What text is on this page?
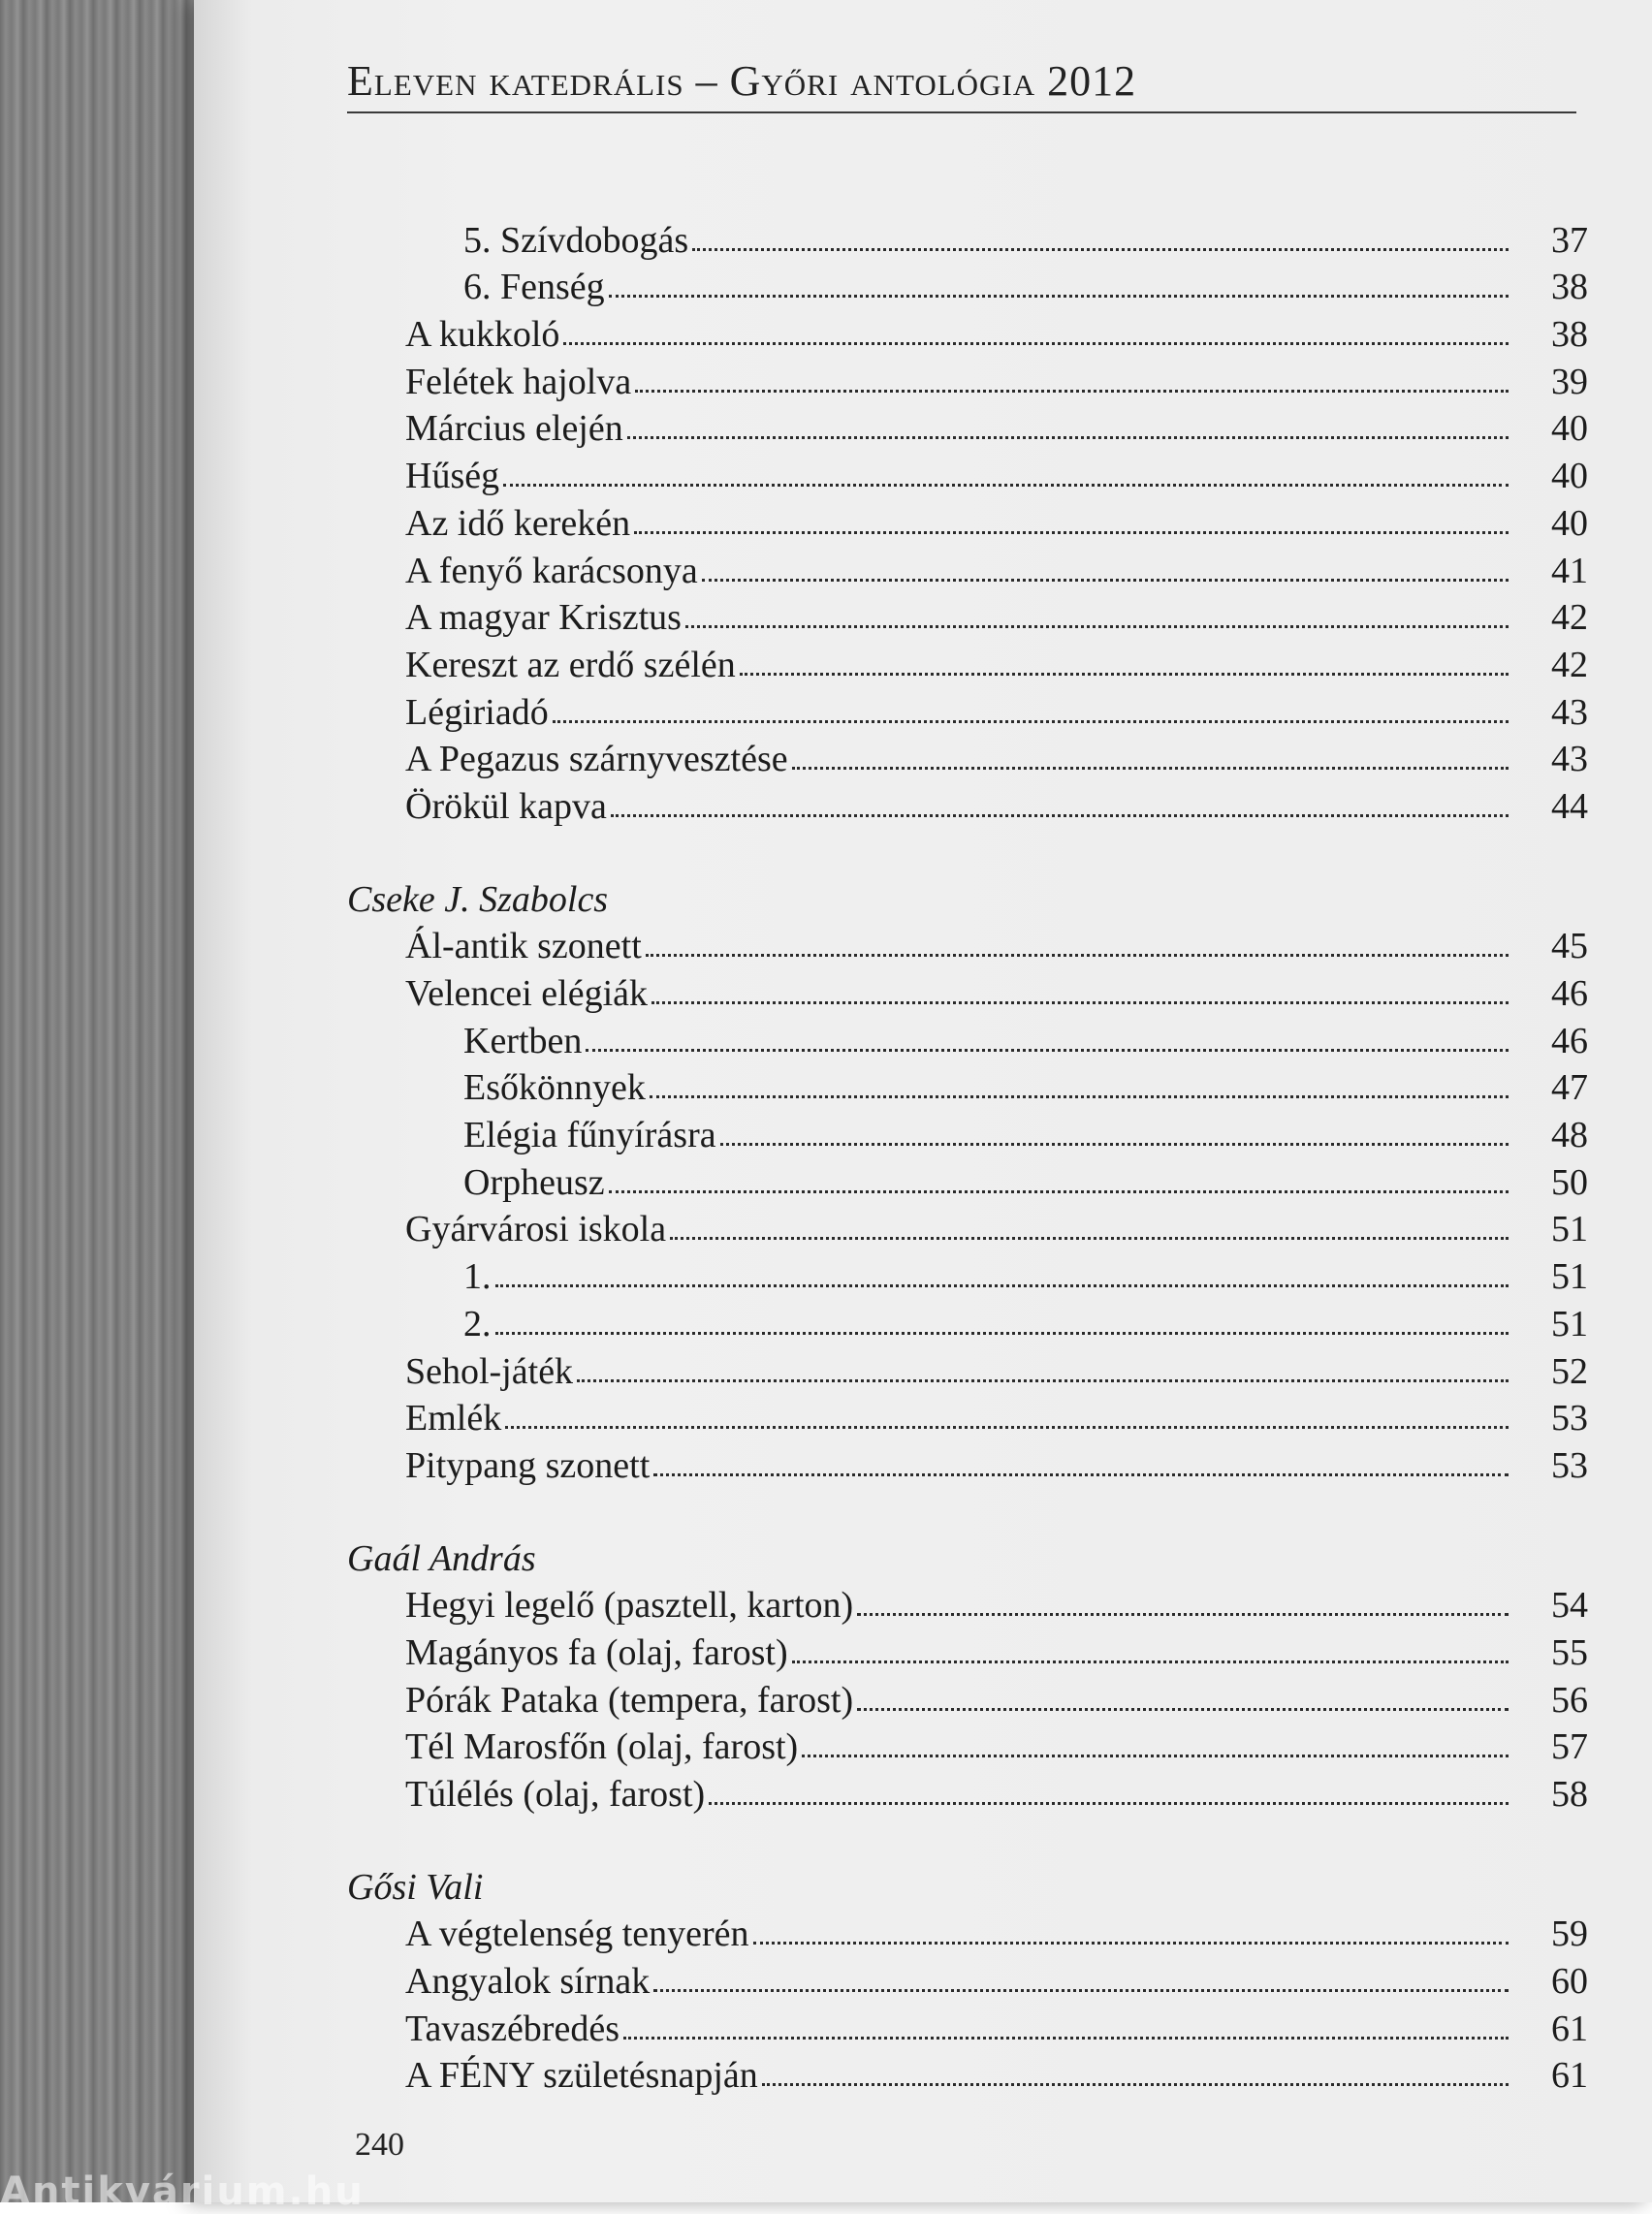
Eleven katedrális – Győri antológia 2012
5. Szívdobogás	37
6. Fenség	38
A kukkoló	38
Felétek hajolva	39
Március elején	40
Hűség	40
Az idő kerekén	40
A fenyő karácsonya	41
A magyar Krisztus	42
Kereszt az erdő szélén	42
Légiriadó	43
A Pegazus szárnyvesztése	43
Örökül kapva	44
Cseke J. Szabolcs
Ál-antik szonett	45
Velencei elégiák	46
Kertben	46
Esőkönnyek	47
Elégia fűnyírásra	48
Orpheusz	50
Gyárvárosi iskola	51
1.	51
2.	51
Sehol-játék	52
Emlék	53
Pitypang szonett	53
Gaál András
Hegyi legelő (pasztell, karton)	54
Magányos fa (olaj, farost)	55
Pórák Pataka (tempera, farost)	56
Tél Marosfőn (olaj, farost)	57
Túlélés (olaj, farost)	58
Gősi Vali
A végtelenség tenyerén	59
Angyalok sírnak	60
Tavaszébredés	61
A FÉNY születésnapján	61
240
Antikvárium.hu
